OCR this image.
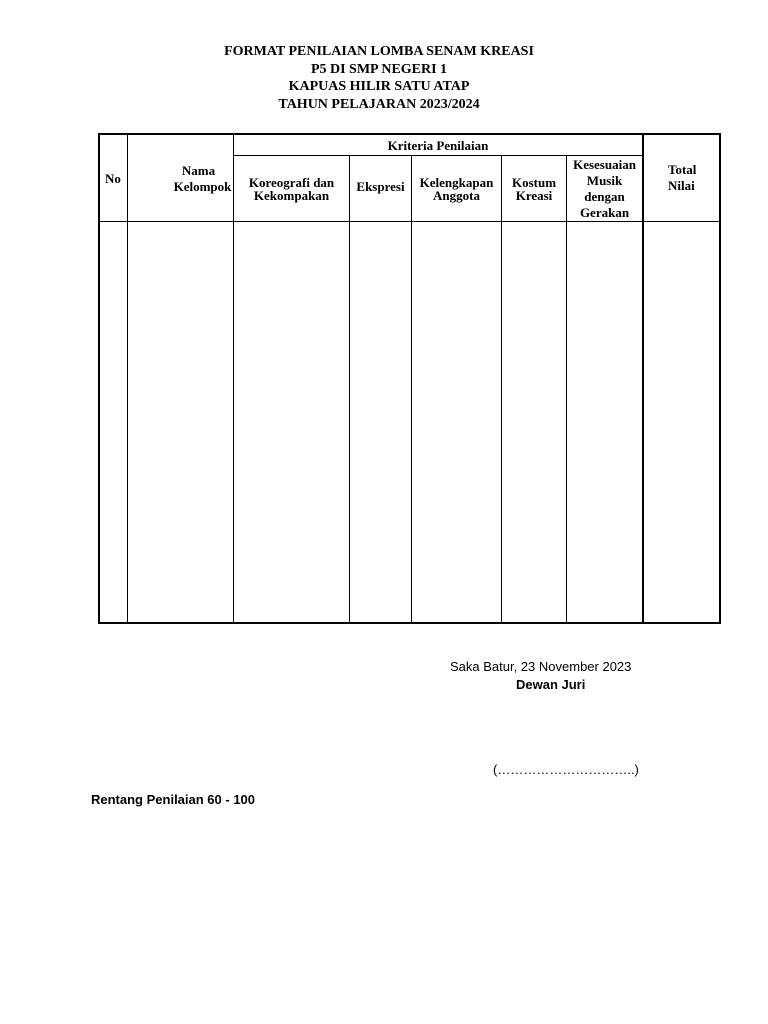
FORMAT PENILAIAN LOMBA SENAM KREASI
P5 DI SMP NEGERI 1
KAPUAS HILIR SATU ATAP
TAHUN PELAJARAN 2023/2024
No	Nama
Kelompok
Kriteria Penilaian
Koreografi dan
Kekompakan
Ekspresi Kelengkapan
Anggota
Kostum
Kreasi
Kesesuaian
Musik
dengan
Gerakan
Total
Nilai
Saka Batur, 23 November 2023
Dewan Juri
(…………………………..)
Rentang Penilaian 60 - 100
